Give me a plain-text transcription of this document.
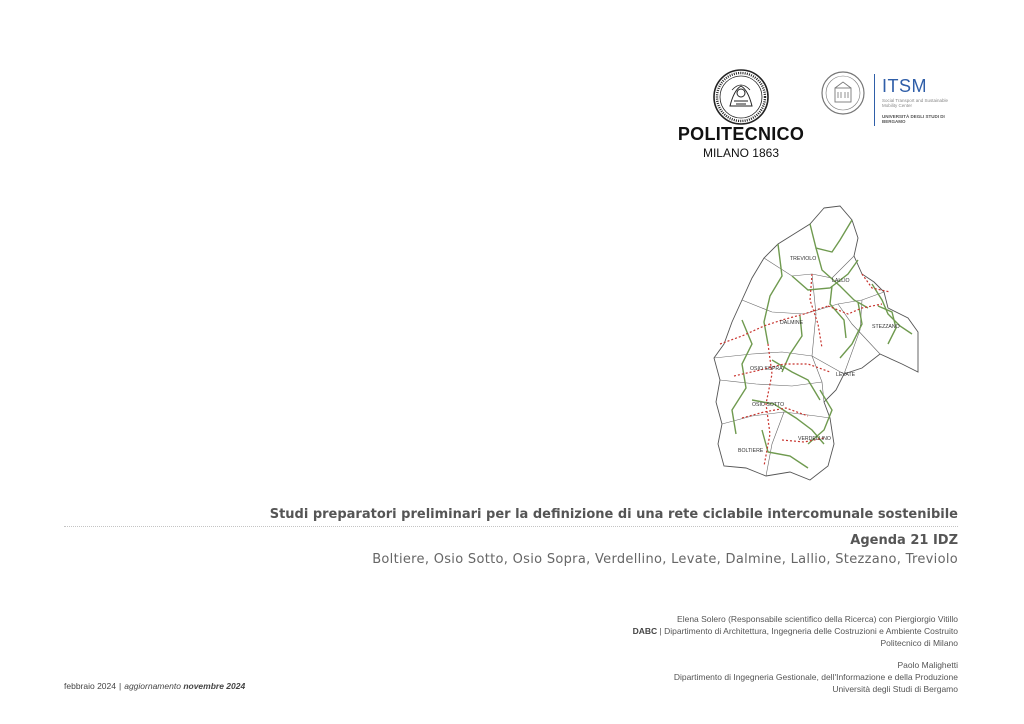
POLITECNICO
MILANO 1863
ITSM
Social Transport and Sustainable Mobility Center
UNIVERSITÀ DEGLI STUDI DI BERGAMO
TREVIOLO
LALLIO
DALMINE
STEZZANO
OSIO SOPRA
LEVATE
OSIO SOTTO
VERDELLINO
BOLTIERE
Studi preparatori preliminari per la definizione di una rete ciclabile intercomunale sostenibile
Agenda 21 IDZ
Boltiere, Osio Sotto, Osio Sopra, Verdellino, Levate, Dalmine, Lallio, Stezzano, Treviolo
Elena Solero (Responsabile scientifico della Ricerca) con Piergiorgio Vitillo
DABC | Dipartimento di Architettura, Ingegneria delle Costruzioni e Ambiente Costruito
Politecnico di Milano
Paolo Malighetti
Dipartimento di Ingegneria Gestionale, dell'Informazione e della Produzione
Università degli Studi di Bergamo
febbraio 2024 | aggiornamento novembre 2024
